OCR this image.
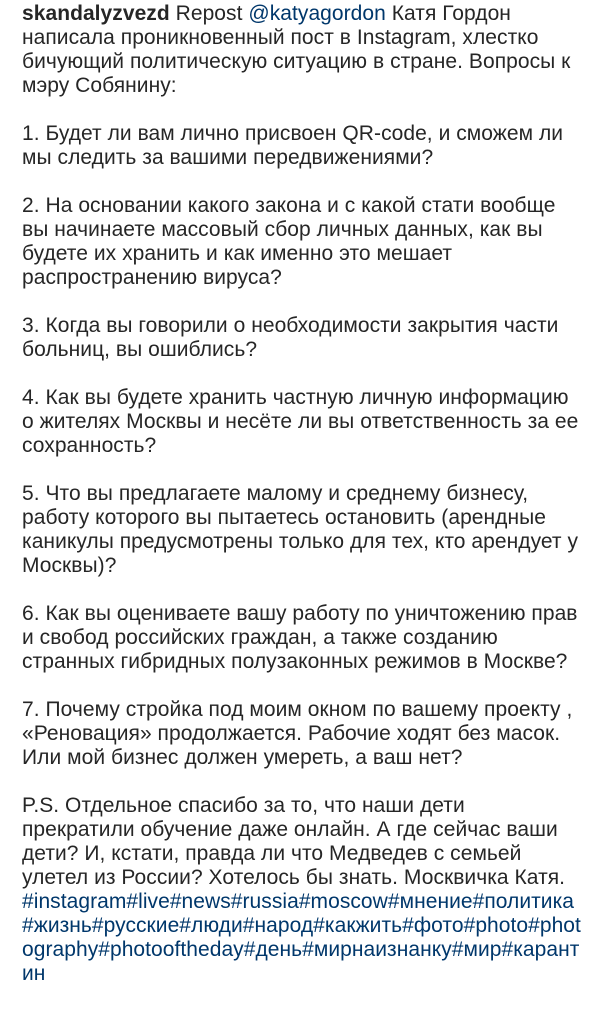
skandalyzvezd Repost @katyagordon Катя Гордон написала проникновенный пост в Instagram, хлестко бичующий политическую ситуацию в стране. Вопросы к мэру Собянину:

1. Будет ли вам лично присвоен QR-code, и сможем ли мы следить за вашими передвижениями?

2. На основании какого закона и с какой стати вообще вы начинаете массовый сбор личных данных, как вы будете их хранить и как именно это мешает распространению вируса?

3. Когда вы говорили о необходимости закрытия части больниц, вы ошиблись?

4. Как вы будете хранить частную личную информацию о жителях Москвы и несёте ли вы ответственность за ее сохранность?

5. Что вы предлагаете малому и среднему бизнесу, работу которого вы пытаетесь остановить (арендные каникулы предусмотрены только для тех, кто арендует у Москвы)?

6. Как вы оцениваете вашу работу по уничтожению прав и свобод российских граждан, а также созданию странных гибридных полузаконных режимов в Москве?

7. Почему стройка под моим окном по вашему проекту , «Реновация» продолжается. Рабочие ходят без масок. Или мой бизнес должен умереть, а ваш нет?

P.S. Отдельное спасибо за то, что наши дети прекратили обучение даже онлайн. А где сейчас ваши дети? И, кстати, правда ли что Медведев с семьей улетел из России? Хотелось бы знать. Москвичка Катя. #instagram#live#news#russia#moscow#мнение#политика#жизнь#русские#люди#народ#какжить#фото#photo#photography#photooftheday#день#мирнаизнанку#мир#карантин
